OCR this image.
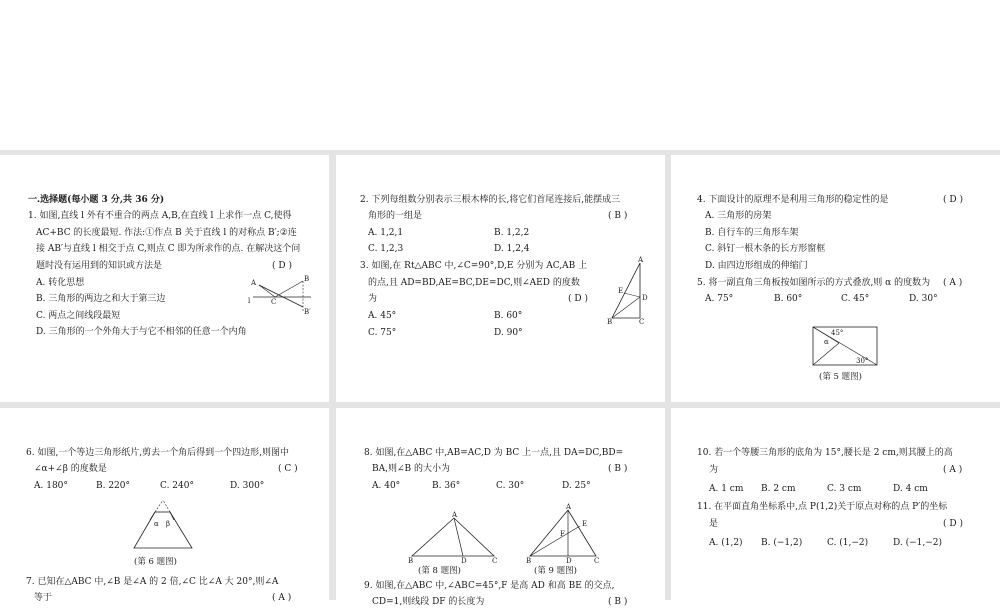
一.选择题(每小题 3 分,共 36 分)
1. 如图,直线 l 外有不重合的两点 A,B,在直线 l 上求作一点 C,使得
AC+BC 的长度最短. 作法:①作点 B 关于直线 l 的对称点 B′;②连
接 AB′与直线 l 相交于点 C,则点 C 即为所求作的点. 在解决这个问
题时没有运用到的知识或方法是	( D )
A. 转化思想
B. 三角形的两边之和大于第三边
C. 两点之间线段最短
D. 三角形的一个外角大于与它不相邻的任意一个内角
A	B
B′
C
l
2. 下列每组数分别表示三根木棒的长,将它们首尾连接后,能摆成三
角形的一组是	( B )
A. 1,2,1	B. 1,2,2
C. 1,2,3	D. 1,2,4
3. 如图,在 Rt△ABC 中,∠C=90°,D,E 分别为 AC,AB 上
的点,且 AD=BD,AE=BC,DE=DC,则∠AED 的度数
为	( D )
A. 45°	B. 60°
C. 75°	D. 90°
A
B	C
D
E
4. 下面设计的原理不是利用三角形的稳定性的是	( D )
A. 三角形的房架
B. 自行车的三角形车架
C. 斜钉一根木条的长方形窗框
D. 由四边形组成的伸缩门
5. 将一副直角三角板按如图所示的方式叠放,则 α 的度数为 ( A )
A. 75°	B. 60°	C. 45°	D. 30°
45°
α
30°
(第 5 题图)
6. 如图,一个等边三角形纸片,剪去一个角后得到一个四边形,则图中
∠α+∠β 的度数是	( C )
A. 180°	B. 220°	C. 240°	D. 300°
α β
(第 6 题图)
7. 已知在△ABC 中,∠B 是∠A 的 2 倍,∠C 比∠A 大 20°,则∠A
等于	( A )
8. 如图,在△ABC 中,AB=AC,D 为 BC 上一点,且 DA=DC,BD=
BA,则∠B 的大小为	( B )
A. 40°	B. 36°	C. 30°	D. 25°
A
B	C
D
(第 8 题图)
A
B	C
D
E
F
(第 9 题图)
9. 如图,在△ABC 中,∠ABC=45°,F 是高 AD 和高 BE 的交点,
CD=1,则线段 DF 的长度为	( B )
10. 若一个等腰三角形的底角为 15°,腰长是 2 cm,则其腰上的高
为	( A )
A. 1 cm B. 2 cm	C. 3 cm	D. 4 cm
11. 在平面直角坐标系中,点 P(1,2)关于原点对称的点 P′的坐标
是	( D )
A. (1,2) B. (−1,2)	C. (1,−2)	D. (−1,−2)
